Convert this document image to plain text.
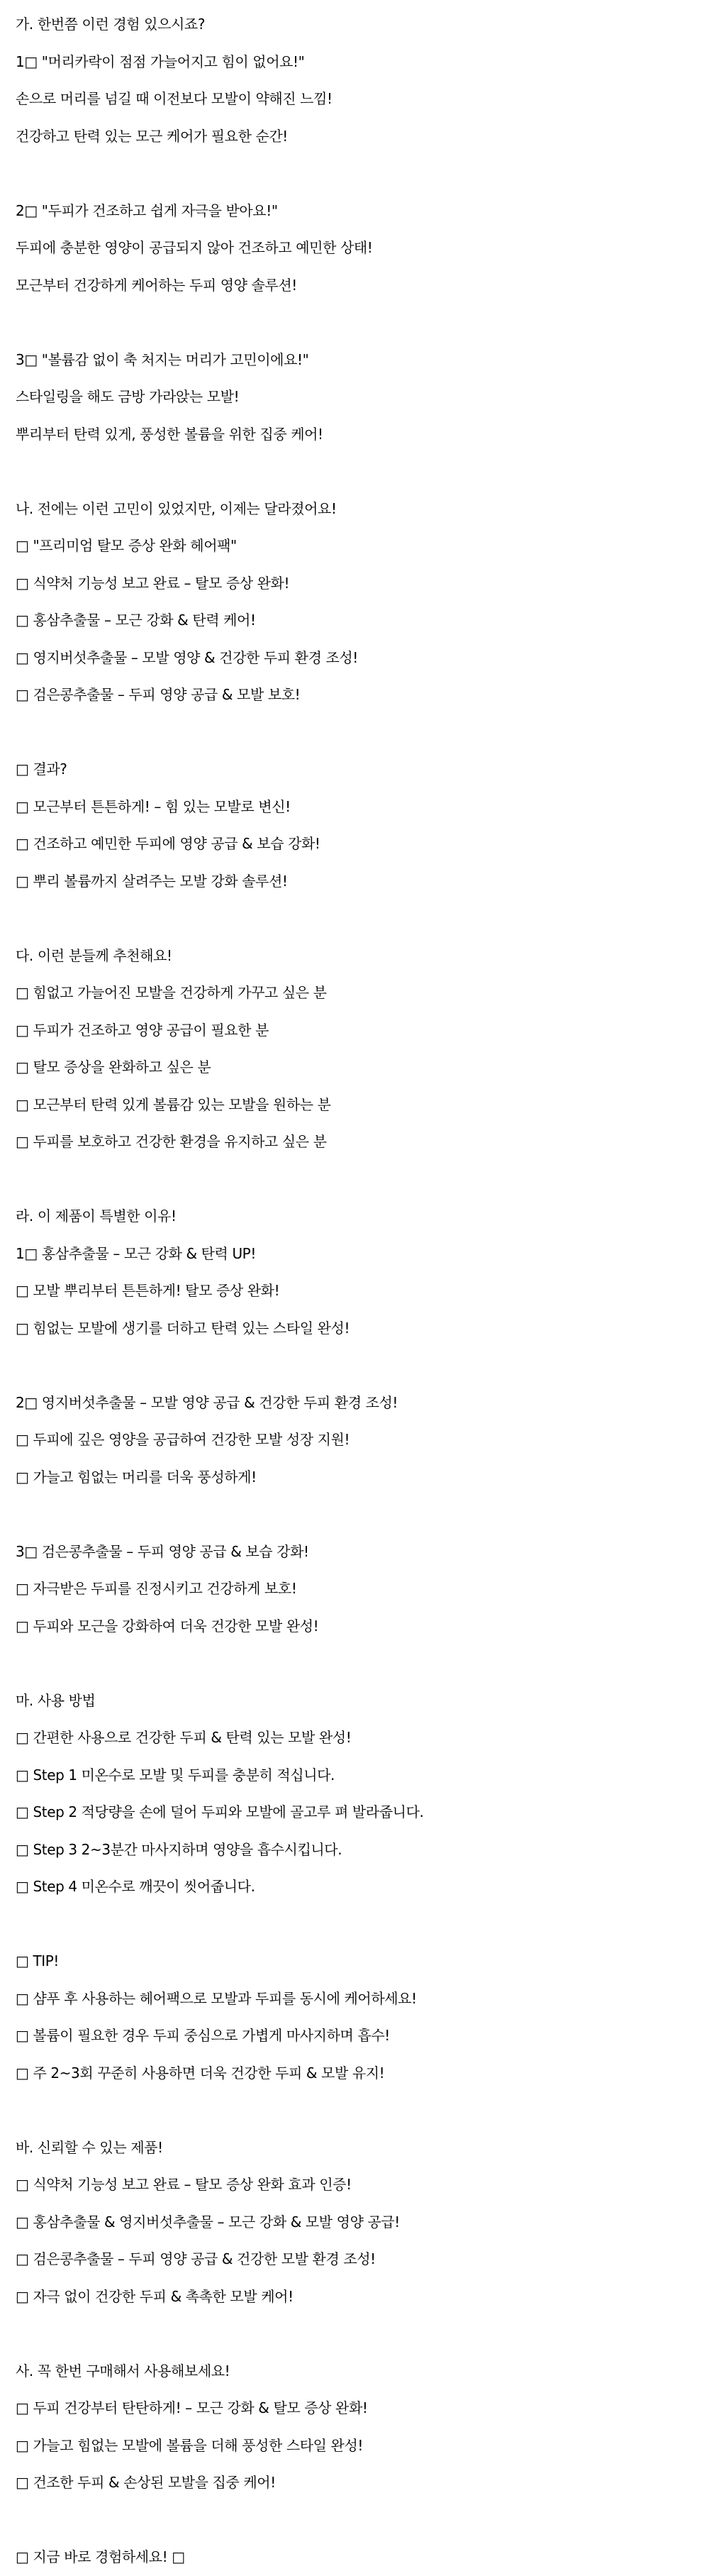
가. 한번쯤 이런 경험 있으시죠?
1□ "머리카락이 점점 가늘어지고 힘이 없어요!"
손으로 머리를 넘길 때 이전보다 모발이 약해진 느낌!
건강하고 탄력 있는 모근 케어가 필요한 순간!
2□ "두피가 건조하고 쉽게 자극을 받아요!"
두피에 충분한 영양이 공급되지 않아 건조하고 예민한 상태!
모근부터 건강하게 케어하는 두피 영양 솔루션!
3□ "볼륨감 없이 축 처지는 머리가 고민이에요!"
스타일링을 해도 금방 가라앉는 모발!
뿌리부터 탄력 있게, 풍성한 볼륨을 위한 집중 케어!
나. 전에는 이런 고민이 있었지만, 이제는 달라졌어요!
□ "프리미엄 탈모 증상 완화 헤어팩"
□ 식약처 기능성 보고 완료 – 탈모 증상 완화!
□ 홍삼추출물 – 모근 강화 & 탄력 케어!
□ 영지버섯추출물 – 모발 영양 & 건강한 두피 환경 조성!
□ 검은콩추출물 – 두피 영양 공급 & 모발 보호!
□ 결과?
□ 모근부터 튼튼하게! – 힘 있는 모발로 변신!
□ 건조하고 예민한 두피에 영양 공급 & 보습 강화!
□ 뿌리 볼륨까지 살려주는 모발 강화 솔루션!
다. 이런 분들께 추천해요!
□ 힘없고 가늘어진 모발을 건강하게 가꾸고 싶은 분
□ 두피가 건조하고 영양 공급이 필요한 분
□ 탈모 증상을 완화하고 싶은 분
□ 모근부터 탄력 있게 볼륨감 있는 모발을 원하는 분
□ 두피를 보호하고 건강한 환경을 유지하고 싶은 분
라. 이 제품이 특별한 이유!
1□ 홍삼추출물 – 모근 강화 & 탄력 UP!
□ 모발 뿌리부터 튼튼하게! 탈모 증상 완화!
□ 힘없는 모발에 생기를 더하고 탄력 있는 스타일 완성!
2□ 영지버섯추출물 – 모발 영양 공급 & 건강한 두피 환경 조성!
□ 두피에 깊은 영양을 공급하여 건강한 모발 성장 지원!
□ 가늘고 힘없는 머리를 더욱 풍성하게!
3□ 검은콩추출물 – 두피 영양 공급 & 보습 강화!
□ 자극받은 두피를 진정시키고 건강하게 보호!
□ 두피와 모근을 강화하여 더욱 건강한 모발 완성!
마. 사용 방법
□ 간편한 사용으로 건강한 두피 & 탄력 있는 모발 완성!
□ Step 1 미온수로 모발 및 두피를 충분히 적십니다.
□ Step 2 적당량을 손에 덜어 두피와 모발에 골고루 펴 발라줍니다.
□ Step 3 2~3분간 마사지하며 영양을 흡수시킵니다.
□ Step 4 미온수로 깨끗이 씻어줍니다.
□ TIP!
□ 샴푸 후 사용하는 헤어팩으로 모발과 두피를 동시에 케어하세요!
□ 볼륨이 필요한 경우 두피 중심으로 가볍게 마사지하며 흡수!
□ 주 2~3회 꾸준히 사용하면 더욱 건강한 두피 & 모발 유지!
바. 신뢰할 수 있는 제품!
□ 식약처 기능성 보고 완료 – 탈모 증상 완화 효과 인증!
□ 홍삼추출물 & 영지버섯추출물 – 모근 강화 & 모발 영양 공급!
□ 검은콩추출물 – 두피 영양 공급 & 건강한 모발 환경 조성!
□ 자극 없이 건강한 두피 & 촉촉한 모발 케어!
사. 꼭 한번 구매해서 사용해보세요!
□ 두피 건강부터 탄탄하게! – 모근 강화 & 탈모 증상 완화!
□ 가늘고 힘없는 모발에 볼륨을 더해 풍성한 스타일 완성!
□ 건조한 두피 & 손상된 모발을 집중 케어!
□ 지금 바로 경험하세요! □
